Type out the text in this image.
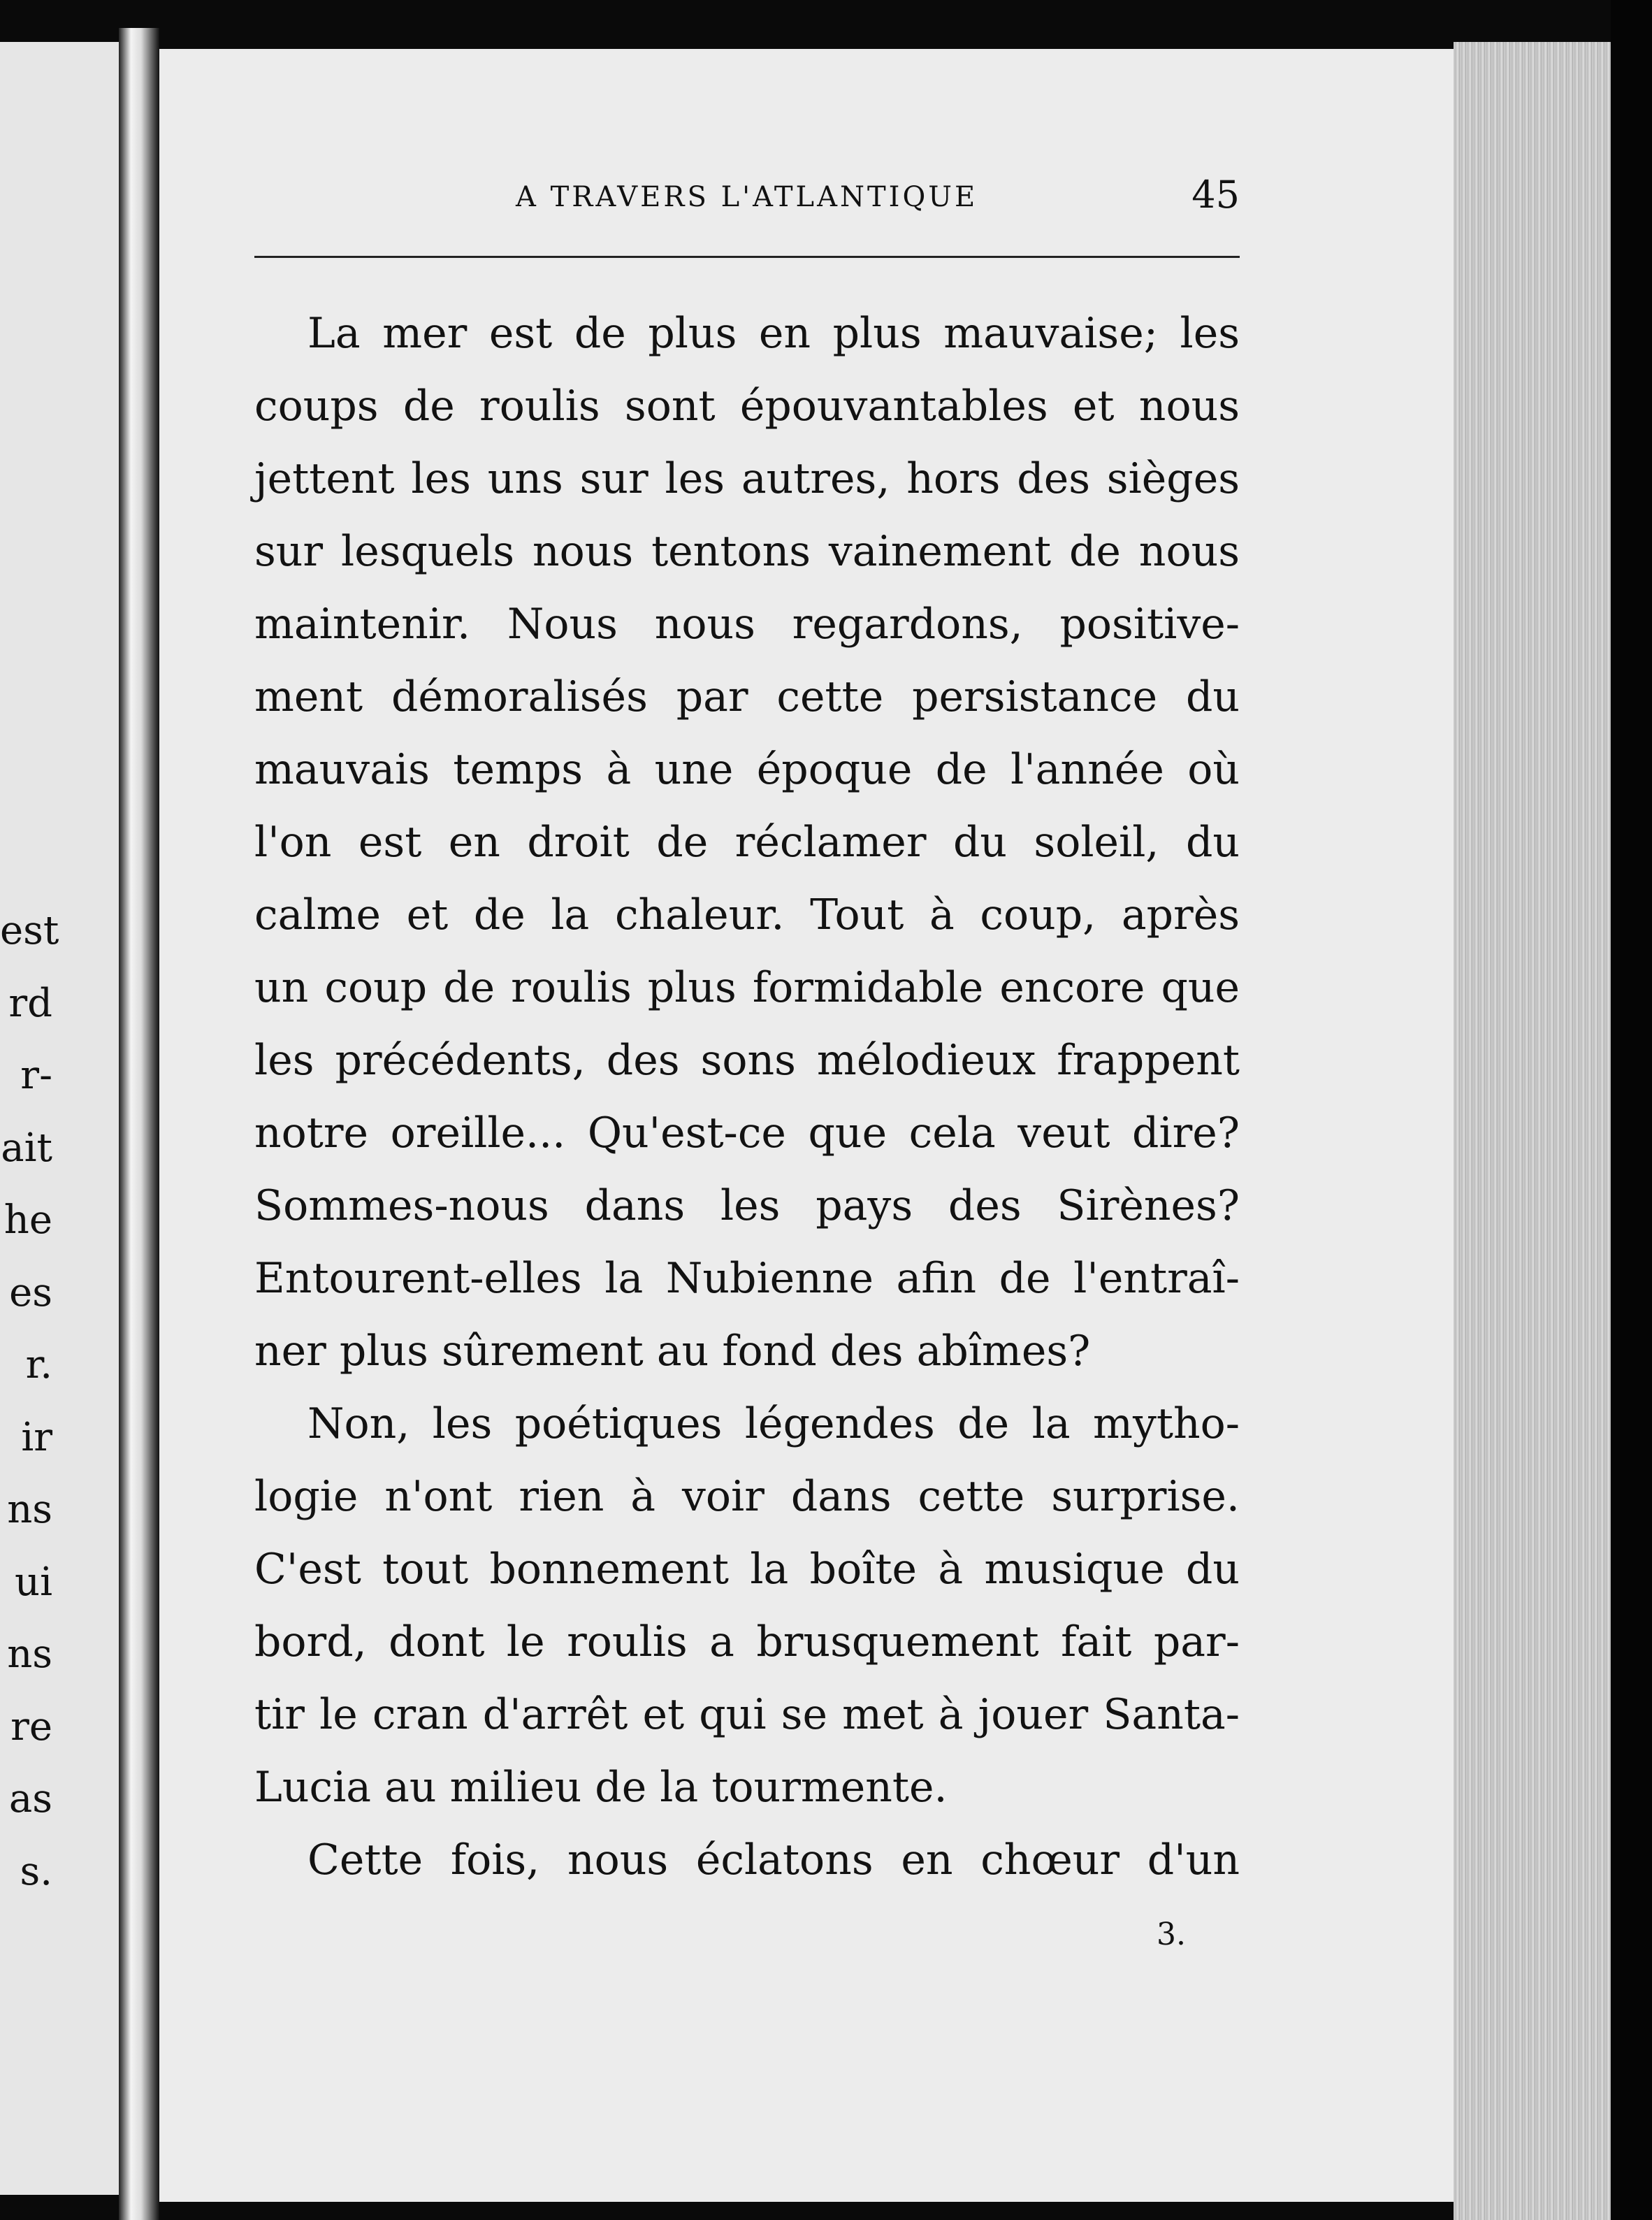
est
rd
r-
ait
he
es
r.
ir
ns
ui
ns
re
as
s.
A TRAVERS L'ATLANTIQUE	45
La mer est de plus en plus mauvaise; les
coups de roulis sont épouvantables et nous
jettent les uns sur les autres, hors des sièges
sur lesquels nous tentons vainement de nous
maintenir. Nous nous regardons, positive-
ment démoralisés par cette persistance du
mauvais temps à une époque de l'année où
l'on est en droit de réclamer du soleil, du
calme et de la chaleur. Tout à coup, après
un coup de roulis plus formidable encore que
les précédents, des sons mélodieux frappent
notre oreille... Qu'est-ce que cela veut dire?
Sommes-nous dans les pays des Sirènes?
Entourent-elles la Nubienne afin de l'entraî-
ner plus sûrement au fond des abîmes?
Non, les poétiques légendes de la mytho-
logie n'ont rien à voir dans cette surprise.
C'est tout bonnement la boîte à musique du
bord, dont le roulis a brusquement fait par-
tir le cran d'arrêt et qui se met à jouer Santa-
Lucia au milieu de la tourmente.
Cette fois, nous éclatons en chœur d'un
3.
